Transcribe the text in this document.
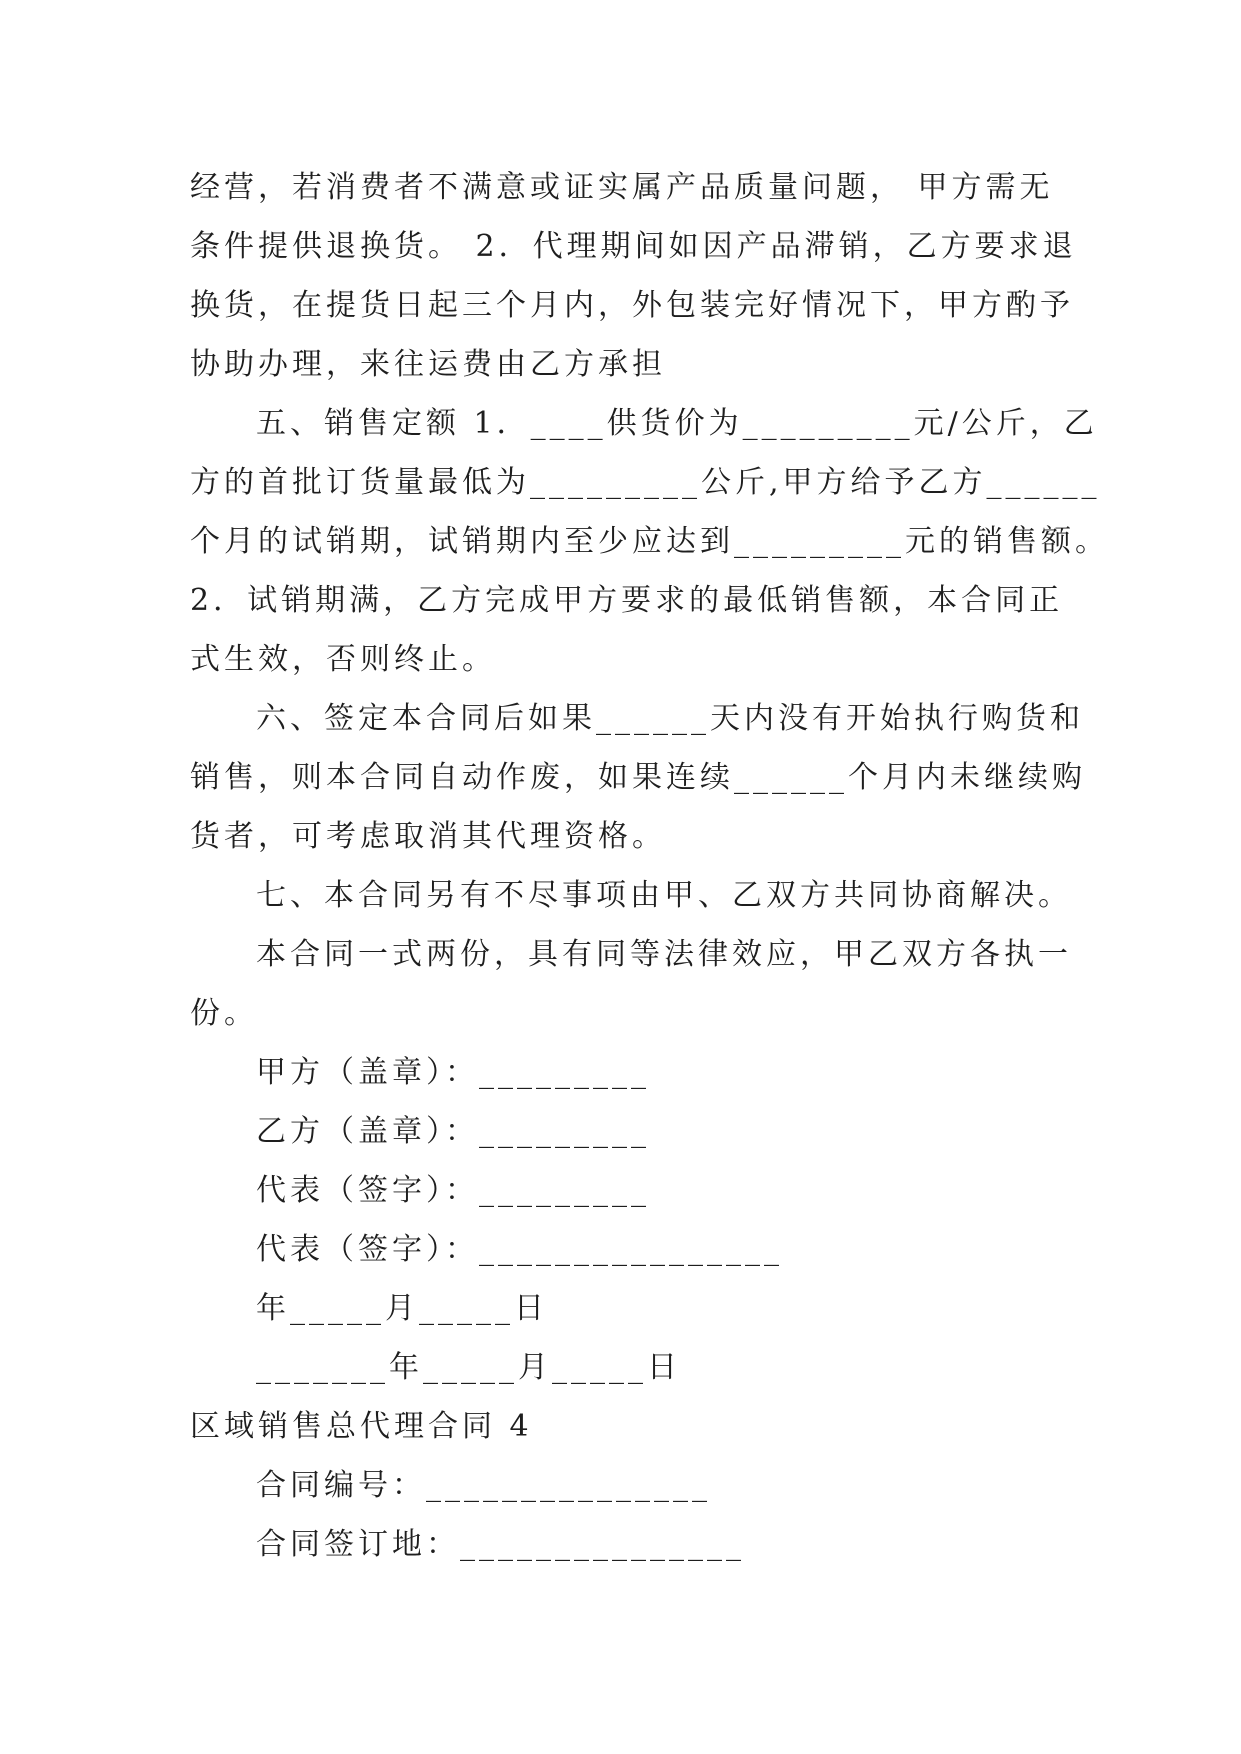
经营，若消费者不满意或证实属产品质量问题， 甲方需无
条件提供退换货。 2．代理期间如因产品滞销，乙方要求退
换货，在提货日起三个月内，外包装完好情况下，甲方酌予
协助办理，来往运费由乙方承担
五、销售定额 1．____供货价为_________元/公斤，乙
方的首批订货量最低为_________公斤,甲方给予乙方______
个月的试销期，试销期内至少应达到_________元的销售额。
2．试销期满，乙方完成甲方要求的最低销售额，本合同正
式生效，否则终止。
六、签定本合同后如果______天内没有开始执行购货和
销售，则本合同自动作废，如果连续______个月内未继续购
货者，可考虑取消其代理资格。
七、本合同另有不尽事项由甲、乙双方共同协商解决。
本合同一式两份，具有同等法律效应，甲乙双方各执一
份。
甲方（盖章）：_________
乙方（盖章）：_________
代表（签字）：_________
代表（签字）：________________
年_____月_____日
_______年_____月_____日
区域销售总代理合同 4
合同编号：_______________
合同签订地：_______________
